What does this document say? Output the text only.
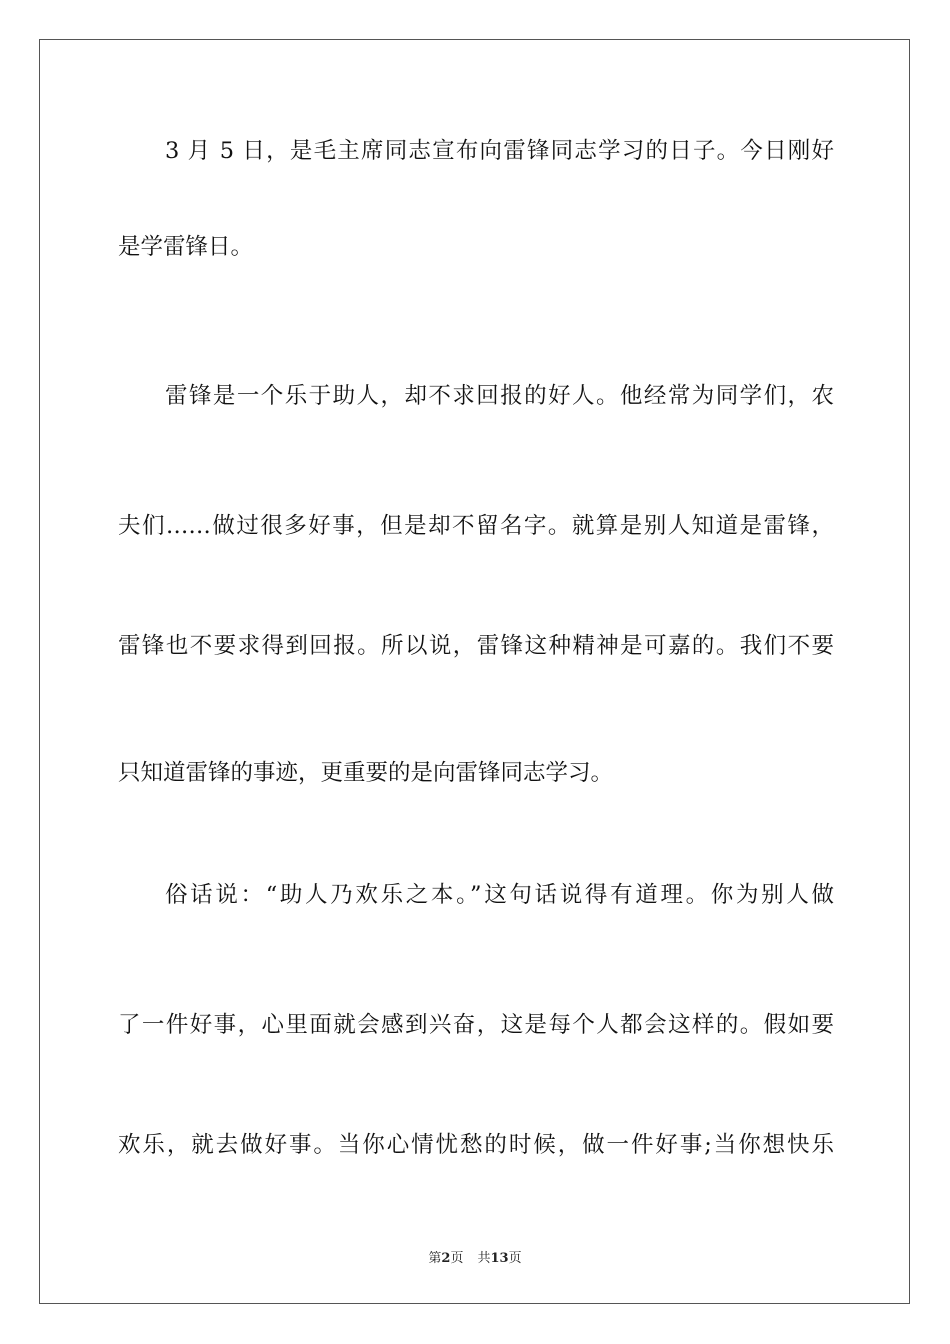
3 月 5 日，是毛主席同志宣布向雷锋同志学习的日子。今日刚好
是学雷锋日。
雷锋是一个乐于助人，却不求回报的好人。他经常为同学们，农
夫们……做过很多好事，但是却不留名字。就算是别人知道是雷锋，
雷锋也不要求得到回报。所以说，雷锋这种精神是可嘉的。我们不要
只知道雷锋的事迹，更重要的是向雷锋同志学习。
俗话说：“助人乃欢乐之本。”这句话说得有道理。你为别人做
了一件好事，心里面就会感到兴奋，这是每个人都会这样的。假如要
欢乐，就去做好事。当你心情忧愁的时候，做一件好事;当你想快乐
第2页 共13页
